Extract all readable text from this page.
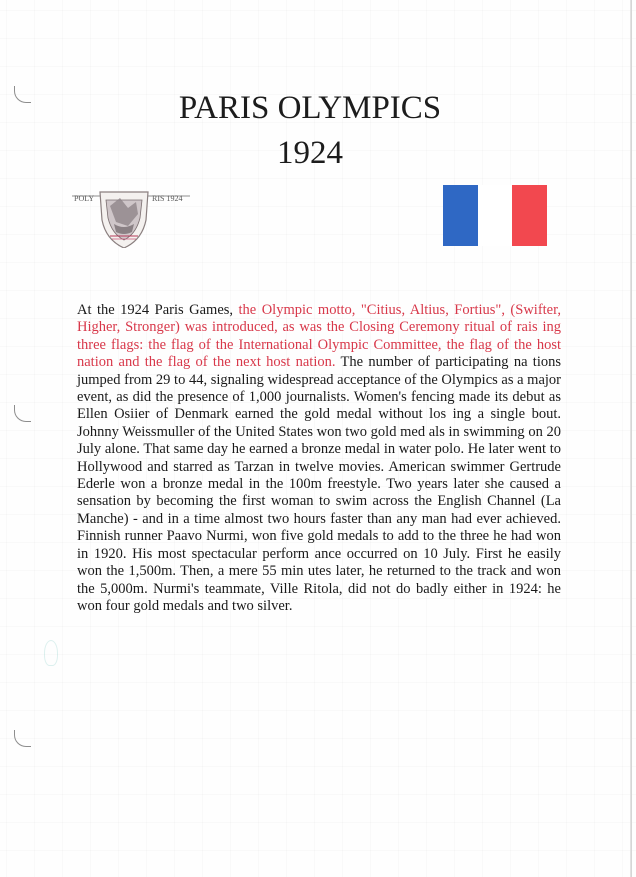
PARIS OLYMPICS
1924
POLY	RIS 1924

At the 1924 Paris Games, the Olympic motto, "Citius, Altius, Fortius", (Swifter, Higher, Stronger) was introduced, as was the Closing Ceremony ritual of rais ing three flags: the flag of the International Olympic Committee, the flag of the host nation and the flag of the next host nation. The number of participating na tions jumped from 29 to 44, signaling widespread acceptance of the Olympics as a major event, as did the presence of 1,000 journalists. Women's fencing made its debut as Ellen Osiier of Denmark earned the gold medal without los ing a single bout. Johnny Weissmuller of the United States won two gold med als in swimming on 20 July alone. That same day he earned a bronze medal in water polo. He later went to Hollywood and starred as Tarzan in twelve movies. American swimmer Gertrude Ederle won a bronze medal in the 100m freestyle. Two years later she caused a sensation by becoming the first woman to swim across the English Channel (La Manche) - and in a time almost two hours faster than any man had ever achieved. Finnish runner Paavo Nurmi, won five gold medals to add to the three he had won in 1920. His most spectacular perform ance occurred on 10 July. First he easily won the 1,500m. Then, a mere 55 min utes later, he returned to the track and won the 5,000m. Nurmi's teammate, Ville Ritola, did not do badly either in 1924: he won four gold medals and two silver.
